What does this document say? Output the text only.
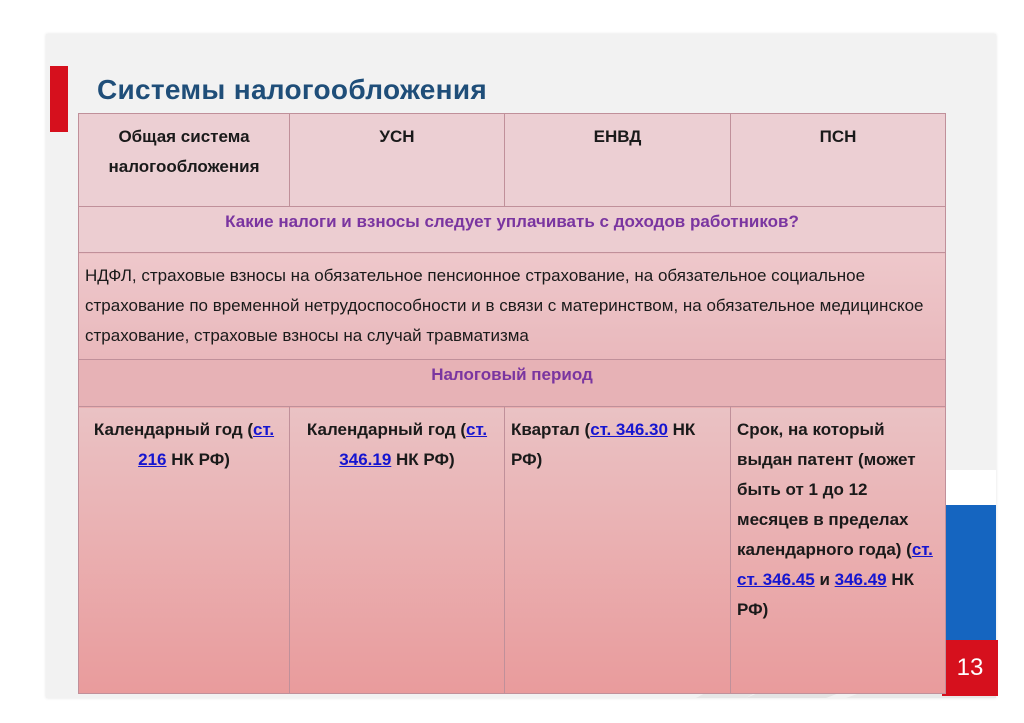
Системы налогообложения
13
Общая система налогообложения	УСН	ЕНВД	ПСН
Какие налоги и взносы следует уплачивать с доходов работников?			
НДФЛ, страховые взносы на обязательное пенсионное страхование, на обязательное социальное страхование по временной нетрудоспособности и в связи с материнством, на обязательное медицинское страхование, страховые взносы на случай травматизма			
Налоговый период			
Календарный год (ст. 216 НК РФ)	Календарный год (ст. 346.19 НК РФ)	Квартал (ст. 346.30 НК РФ)	Срок, на который выдан патент (может быть от 1 до 12 месяцев в пределах календарного года) (ст. ст. 346.45 и 346.49 НК РФ)
